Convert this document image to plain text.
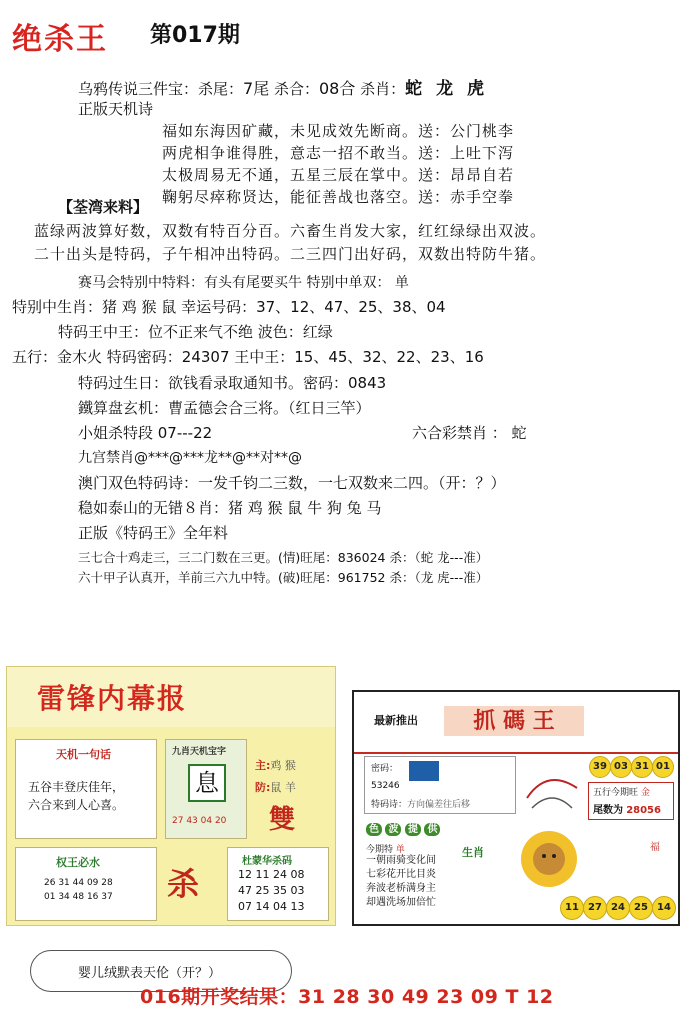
绝杀王 第017期
乌鸦传说三件宝：杀尾：7尾 杀合：08合 杀肖：蛇 龙 虎
正版天机诗
福如东海因矿藏，未见成效先断商。送：公门桃李
两虎相争谁得胜，意志一招不敢当。送：上吐下泻
太极周易无不通，五星三辰在掌中。送：昂昂自若
鞠躬尽瘁称贤达，能征善战也落空。送：赤手空拳
【荃湾来料】
蓝绿两波算好数，双数有特百分百。六畜生肖发大家，红红绿绿出双波。
二十出头是特码，子午相冲出特码。二三四门出好码，双数出特防牛猪。
赛马会特别中特料：有头有尾要买牛 特别中单双： 单
特别中生肖：猪 鸡 猴 鼠 幸运号码：37、12、47、25、38、04
特码王中王：位不正来气不绝 波色：红绿
五行：金木火 特码密码：24307 王中王：15、45、32、22、23、16
特码过生日：欲钱看录取通知书。密码：0843
鐵算盘玄机：曹孟德会合三将。（红日三竿）
小姐杀特段 07---22	六合彩禁肖 ： 蛇
九宫禁肖@***@***龙**@**对**@
澳门双色特码诗：一发千钧二三数，一七双数来二四。（开：？）
稳如泰山的无错８肖：猪 鸡 猴 鼠 牛 狗 兔 马
正版《特码王》全年料
三七合十鸡走三，三二门数在三更。(情)旺尾：836024 杀：（蛇 龙---准）
六十甲子认真开，羊前三六九中特。(破)旺尾：961752 杀：（龙 虎---准）
雷锋内幕报
天机一句话
五谷丰登庆佳年，
六合来到人心喜。
九肖天机宝字
息
27 43 04 20
主:鸡 猴
防:鼠 羊
雙
权王必水
26 31 44 09 28
01 34 48 16 37 杀
杜蒙华杀码
12 11 24 08
47 25 35 03
07 14 04 13
最新推出	抓 碼 王
密码：
53246
特码诗：方向偏差往后移
39 03 31 01
五行今期旺 金
尾数为 28056
色 波 提 供
今期特 单
一朝雨骑变化间
七彩花开比目炎
奔波老桥满身主
却遇洗场加倍忙
生肖	福
11 27 24 25 14
婴儿绒默表天伦（开？）
016期开奖结果：31 28 30 49 23 09 T 12
